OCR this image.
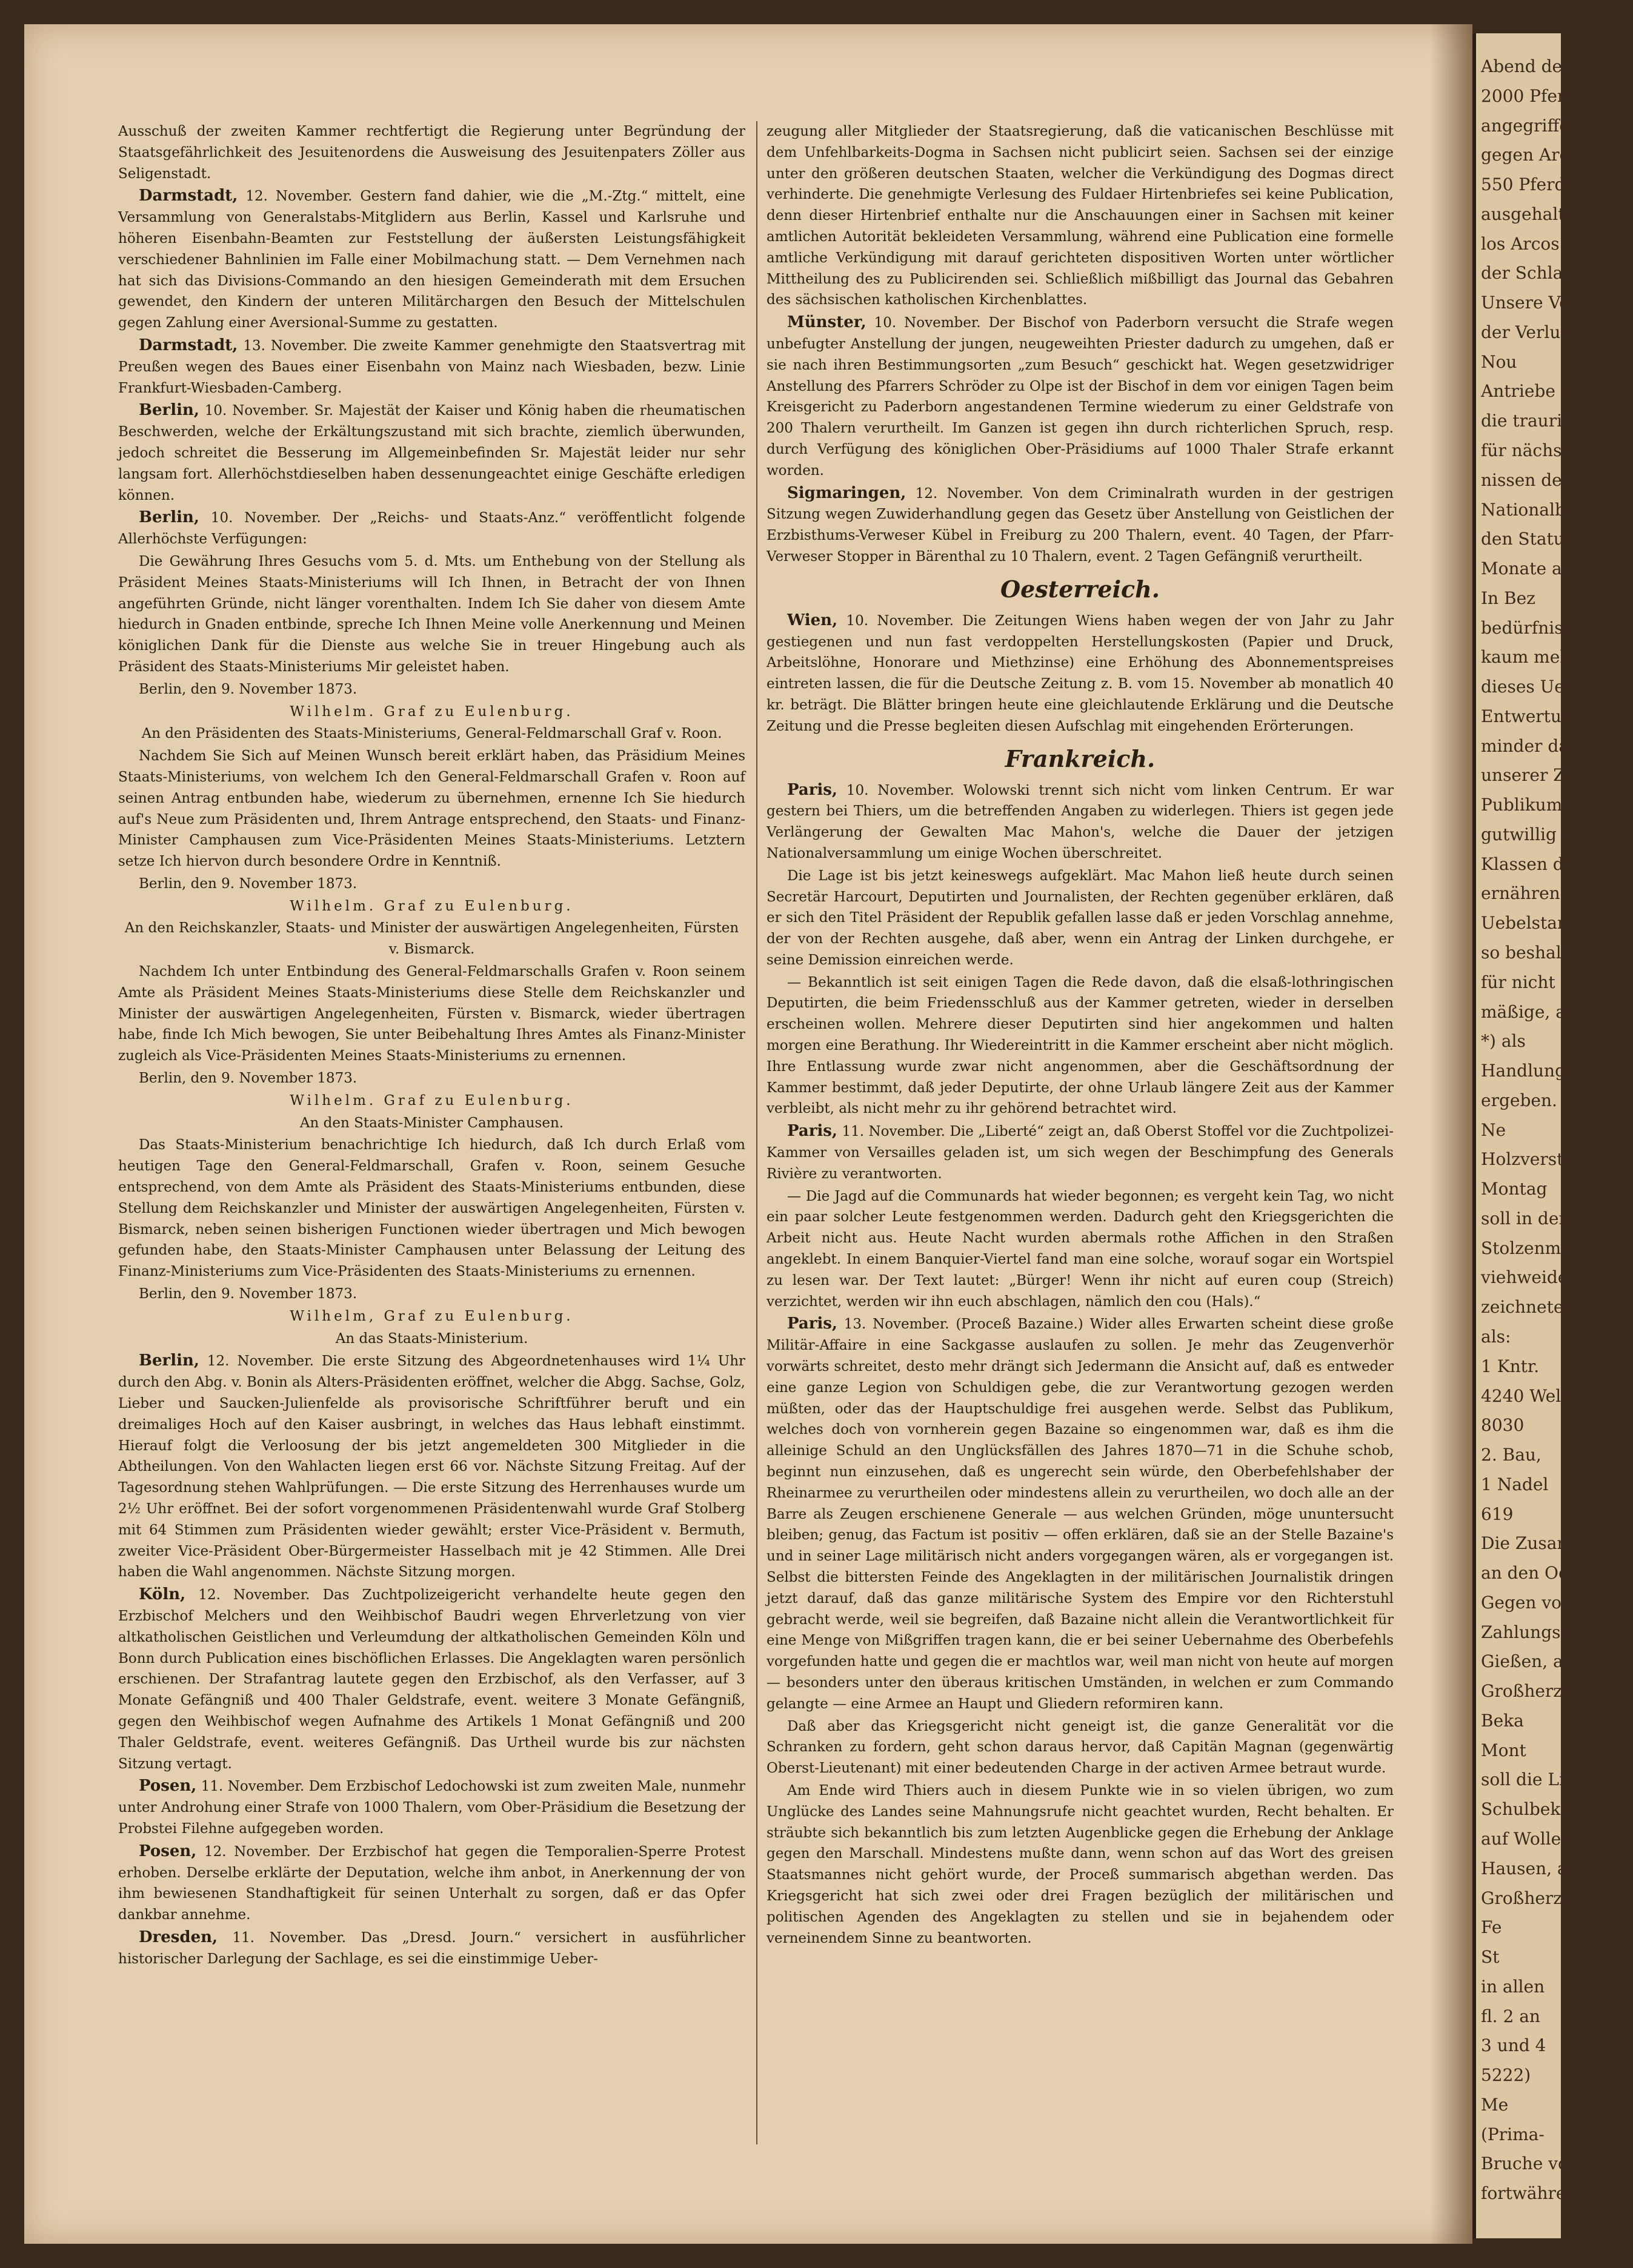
Ausschuß der zweiten Kammer rechtfertigt die Regierung unter Begründung der Staatsgefährlichkeit des Jesuitenordens die Ausweisung des Jesuitenpaters Zöller aus Seligenstadt.

Darmstadt, 12. November. Gestern fand dahier, wie die „M.-Ztg.“ mittelt, eine Versammlung von Generalstabs-Mitglidern aus Berlin, Kassel und Karlsruhe und höheren Eisenbahn-Beamten zur Feststellung der äußersten Leistungsfähigkeit verschiedener Bahnlinien im Falle einer Mobilmachung statt. — Dem Vernehmen nach hat sich das Divisions-Commando an den hiesigen Gemeinderath mit dem Ersuchen gewendet, den Kindern der unteren Militärchargen den Besuch der Mittelschulen gegen Zahlung einer Aversional-Summe zu gestatten.

Darmstadt, 13. November. Die zweite Kammer genehmigte den Staatsvertrag mit Preußen wegen des Baues einer Eisenbahn von Mainz nach Wiesbaden, bezw. Linie Frankfurt-Wiesbaden-Camberg.

Berlin, 10. November. Sr. Majestät der Kaiser und König haben die rheumatischen Beschwerden, welche der Erkältungszustand mit sich brachte, ziemlich überwunden, jedoch schreitet die Besserung im Allgemeinbefinden Sr. Majestät leider nur sehr langsam fort. Allerhöchstdieselben haben dessenungeachtet einige Geschäfte erledigen können.

Berlin, 10. November. Der „Reichs- und Staats-Anz.“ veröffentlicht folgende Allerhöchste Verfügungen:

Die Gewährung Ihres Gesuchs vom 5. d. Mts. um Enthebung von der Stellung als Präsident Meines Staats-Ministeriums will Ich Ihnen, in Betracht der von Ihnen angeführten Gründe, nicht länger vorenthalten. Indem Ich Sie daher von diesem Amte hiedurch in Gnaden entbinde, spreche Ich Ihnen Meine volle Anerkennung und Meinen königlichen Dank für die Dienste aus welche Sie in treuer Hingebung auch als Präsident des Staats-Ministeriums Mir geleistet haben.

Berlin, den 9. November 1873.

Wilhelm. Graf zu Eulenburg.

An den Präsidenten des Staats-Ministeriums, General-Feldmarschall Graf v. Roon.

Nachdem Sie Sich auf Meinen Wunsch bereit erklärt haben, das Präsidium Meines Staats-Ministeriums, von welchem Ich den General-Feldmarschall Grafen v. Roon auf seinen Antrag entbunden habe, wiederum zu übernehmen, ernenne Ich Sie hiedurch auf's Neue zum Präsidenten und, Ihrem Antrage entsprechend, den Staats- und Finanz-Minister Camphausen zum Vice-Präsidenten Meines Staats-Ministeriums. Letztern setze Ich hiervon durch besondere Ordre in Kenntniß.

Berlin, den 9. November 1873.

Wilhelm. Graf zu Eulenburg.

An den Reichskanzler, Staats- und Minister der auswärtigen Angelegenheiten, Fürsten v. Bismarck.

Nachdem Ich unter Entbindung des General-Feldmarschalls Grafen v. Roon seinem Amte als Präsident Meines Staats-Ministeriums diese Stelle dem Reichskanzler und Minister der auswärtigen Angelegenheiten, Fürsten v. Bismarck, wieder übertragen habe, finde Ich Mich bewogen, Sie unter Beibehaltung Ihres Amtes als Finanz-Minister zugleich als Vice-Präsidenten Meines Staats-Ministeriums zu ernennen.

Berlin, den 9. November 1873.

Wilhelm. Graf zu Eulenburg.

An den Staats-Minister Camphausen.

Das Staats-Ministerium benachrichtige Ich hiedurch, daß Ich durch Erlaß vom heutigen Tage den General-Feldmarschall, Grafen v. Roon, seinem Gesuche entsprechend, von dem Amte als Präsident des Staats-Ministeriums entbunden, diese Stellung dem Reichskanzler und Minister der auswärtigen Angelegenheiten, Fürsten v. Bismarck, neben seinen bisherigen Functionen wieder übertragen und Mich bewogen gefunden habe, den Staats-Minister Camphausen unter Belassung der Leitung des Finanz-Ministeriums zum Vice-Präsidenten des Staats-Ministeriums zu ernennen.

Berlin, den 9. November 1873.

Wilhelm, Graf zu Eulenburg.

An das Staats-Ministerium.

Berlin, 12. November. Die erste Sitzung des Abgeordnetenhauses wird 1¼ Uhr durch den Abg. v. Bonin als Alters-Präsidenten eröffnet, welcher die Abgg. Sachse, Golz, Lieber und Saucken-Julienfelde als provisorische Schriftführer beruft und ein dreimaliges Hoch auf den Kaiser ausbringt, in welches das Haus lebhaft einstimmt. Hierauf folgt die Verloosung der bis jetzt angemeldeten 300 Mitglieder in die Abtheilungen. Von den Wahlacten liegen erst 66 vor. Nächste Sitzung Freitag. Auf der Tagesordnung stehen Wahlprüfungen. — Die erste Sitzung des Herrenhauses wurde um 2½ Uhr eröffnet. Bei der sofort vorgenommenen Präsidentenwahl wurde Graf Stolberg mit 64 Stimmen zum Präsidenten wieder gewählt; erster Vice-Präsident v. Bermuth, zweiter Vice-Präsident Ober-Bürgermeister Hasselbach mit je 42 Stimmen. Alle Drei haben die Wahl angenommen. Nächste Sitzung morgen.

Köln, 12. November. Das Zuchtpolizeigericht verhandelte heute gegen den Erzbischof Melchers und den Weihbischof Baudri wegen Ehrverletzung von vier altkatholischen Geistlichen und Verleumdung der altkatholischen Gemeinden Köln und Bonn durch Publication eines bischöflichen Erlasses. Die Angeklagten waren persönlich erschienen. Der Strafantrag lautete gegen den Erzbischof, als den Verfasser, auf 3 Monate Gefängniß und 400 Thaler Geldstrafe, event. weitere 3 Monate Gefängniß, gegen den Weihbischof wegen Aufnahme des Artikels 1 Monat Gefängniß und 200 Thaler Geldstrafe, event. weiteres Gefängniß. Das Urtheil wurde bis zur nächsten Sitzung vertagt.

Posen, 11. November. Dem Erzbischof Ledochowski ist zum zweiten Male, nunmehr unter Androhung einer Strafe von 1000 Thalern, vom Ober-Präsidium die Besetzung der Probstei Filehne aufgegeben worden.

Posen, 12. November. Der Erzbischof hat gegen die Temporalien-Sperre Protest erhoben. Derselbe erklärte der Deputation, welche ihm anbot, in Anerkennung der von ihm bewiesenen Standhaftigkeit für seinen Unterhalt zu sorgen, daß er das Opfer dankbar annehme.

Dresden, 11. November. Das „Dresd. Journ.“ versichert in ausführlicher historischer Darlegung der Sachlage, es sei die einstimmige Ueber-

zeugung aller Mitglieder der Staatsregierung, daß die vaticanischen Beschlüsse mit dem Unfehlbarkeits-Dogma in Sachsen nicht publicirt seien. Sachsen sei der einzige unter den größeren deutschen Staaten, welcher die Verkündigung des Dogmas direct verhinderte. Die genehmigte Verlesung des Fuldaer Hirtenbriefes sei keine Publication, denn dieser Hirtenbrief enthalte nur die Anschauungen einer in Sachsen mit keiner amtlichen Autorität bekleideten Versammlung, während eine Publication eine formelle amtliche Verkündigung mit darauf gerichteten dispositiven Worten unter wörtlicher Mittheilung des zu Publicirenden sei. Schließlich mißbilligt das Journal das Gebahren des sächsischen katholischen Kirchenblattes.

Münster, 10. November. Der Bischof von Paderborn versucht die Strafe wegen unbefugter Anstellung der jungen, neugeweihten Priester dadurch zu umgehen, daß er sie nach ihren Bestimmungsorten „zum Besuch“ geschickt hat. Wegen gesetzwidriger Anstellung des Pfarrers Schröder zu Olpe ist der Bischof in dem vor einigen Tagen beim Kreisgericht zu Paderborn angestandenen Termine wiederum zu einer Geldstrafe von 200 Thalern verurtheilt. Im Ganzen ist gegen ihn durch richterlichen Spruch, resp. durch Verfügung des königlichen Ober-Präsidiums auf 1000 Thaler Strafe erkannt worden.

Sigmaringen, 12. November. Von dem Criminalrath wurden in der gestrigen Sitzung wegen Zuwiderhandlung gegen das Gesetz über Anstellung von Geistlichen der Erzbisthums-Verweser Kübel in Freiburg zu 200 Thalern, event. 40 Tagen, der Pfarr-Verweser Stopper in Bärenthal zu 10 Thalern, event. 2 Tagen Gefängniß verurtheilt.

Oesterreich.

Wien, 10. November. Die Zeitungen Wiens haben wegen der von Jahr zu Jahr gestiegenen und nun fast verdoppelten Herstellungskosten (Papier und Druck, Arbeitslöhne, Honorare und Miethzinse) eine Erhöhung des Abonnementspreises eintreten lassen, die für die Deutsche Zeitung z. B. vom 15. November ab monatlich 40 kr. beträgt. Die Blätter bringen heute eine gleichlautende Erklärung und die Deutsche Zeitung und die Presse begleiten diesen Aufschlag mit eingehenden Erörterungen.

Frankreich.

Paris, 10. November. Wolowski trennt sich nicht vom linken Centrum. Er war gestern bei Thiers, um die betreffenden Angaben zu widerlegen. Thiers ist gegen jede Verlängerung der Gewalten Mac Mahon's, welche die Dauer der jetzigen Nationalversammlung um einige Wochen überschreitet.

Die Lage ist bis jetzt keineswegs aufgeklärt. Mac Mahon ließ heute durch seinen Secretär Harcourt, Deputirten und Journalisten, der Rechten gegenüber erklären, daß er sich den Titel Präsident der Republik gefallen lasse daß er jeden Vorschlag annehme, der von der Rechten ausgehe, daß aber, wenn ein Antrag der Linken durchgehe, er seine Demission einreichen werde.

— Bekanntlich ist seit einigen Tagen die Rede davon, daß die elsaß-lothringischen Deputirten, die beim Friedensschluß aus der Kammer getreten, wieder in derselben erscheinen wollen. Mehrere dieser Deputirten sind hier angekommen und halten morgen eine Berathung. Ihr Wiedereintritt in die Kammer erscheint aber nicht möglich. Ihre Entlassung wurde zwar nicht angenommen, aber die Geschäftsordnung der Kammer bestimmt, daß jeder Deputirte, der ohne Urlaub längere Zeit aus der Kammer verbleibt, als nicht mehr zu ihr gehörend betrachtet wird.

Paris, 11. November. Die „Liberté“ zeigt an, daß Oberst Stoffel vor die Zuchtpolizei-Kammer von Versailles geladen ist, um sich wegen der Beschimpfung des Generals Rivière zu verantworten.

— Die Jagd auf die Communards hat wieder begonnen; es vergeht kein Tag, wo nicht ein paar solcher Leute festgenommen werden. Dadurch geht den Kriegsgerichten die Arbeit nicht aus. Heute Nacht wurden abermals rothe Affichen in den Straßen angeklebt. In einem Banquier-Viertel fand man eine solche, worauf sogar ein Wortspiel zu lesen war. Der Text lautet: „Bürger! Wenn ihr nicht auf euren coup (Streich) verzichtet, werden wir ihn euch abschlagen, nämlich den cou (Hals).“

Paris, 13. November. (Proceß Bazaine.) Wider alles Erwarten scheint diese große Militär-Affaire in eine Sackgasse auslaufen zu sollen. Je mehr das Zeugenverhör vorwärts schreitet, desto mehr drängt sich Jedermann die Ansicht auf, daß es entweder eine ganze Legion von Schuldigen gebe, die zur Verantwortung gezogen werden müßten, oder das der Hauptschuldige frei ausgehen werde. Selbst das Publikum, welches doch von vornherein gegen Bazaine so eingenommen war, daß es ihm die alleinige Schuld an den Unglücksfällen des Jahres 1870—71 in die Schuhe schob, beginnt nun einzusehen, daß es ungerecht sein würde, den Oberbefehlshaber der Rheinarmee zu verurtheilen oder mindestens allein zu verurtheilen, wo doch alle an der Barre als Zeugen erschienene Generale — aus welchen Gründen, möge ununtersucht bleiben; genug, das Factum ist positiv — offen erklären, daß sie an der Stelle Bazaine's und in seiner Lage militärisch nicht anders vorgegangen wären, als er vorgegangen ist. Selbst die bittersten Feinde des Angeklagten in der militärischen Journalistik dringen jetzt darauf, daß das ganze militärische System des Empire vor den Richterstuhl gebracht werde, weil sie begreifen, daß Bazaine nicht allein die Verantwortlichkeit für eine Menge von Mißgriffen tragen kann, die er bei seiner Uebernahme des Oberbefehls vorgefunden hatte und gegen die er machtlos war, weil man nicht von heute auf morgen — besonders unter den überaus kritischen Umständen, in welchen er zum Commando gelangte — eine Armee an Haupt und Gliedern reformiren kann.

Daß aber das Kriegsgericht nicht geneigt ist, die ganze Generalität vor die Schranken zu fordern, geht schon daraus hervor, daß Capitän Magnan (gegenwärtig Oberst-Lieutenant) mit einer bedeutenden Charge in der activen Armee betraut wurde.

Am Ende wird Thiers auch in diesem Punkte wie in so vielen übrigen, wo zum Unglücke des Landes seine Mahnungsrufe nicht geachtet wurden, Recht behalten. Er sträubte sich bekanntlich bis zum letzten Augenblicke gegen die Erhebung der Anklage gegen den Marschall. Mindestens mußte dann, wenn schon auf das Wort des greisen Staatsmannes nicht gehört wurde, der Proceß summarisch abgethan werden. Das Kriegsgericht hat sich zwei oder drei Fragen bezüglich der militärischen und politischen Agenden des Angeklagten zu stellen und sie in bejahendem oder verneinendem Sinne zu beantworten.

Abend de
2000 Pferd
angegriffen
gegen Arella
550 Pferde
ausgehalten
los Arcos
der Schlach
Unsere Ve
der Verlust
Nou
Antriebe der
die traurige
für nächsten
nissen des R
Nationalbau
den Statut
Monate aus
In Bez
bedürfnisse
kaum mehr
dieses Uebels
Entwertung
minder darin
unserer Zeit
Publikum w
gutwillig ihr
Klassen die
ernähren. D
Uebelstande
so beshalb
für nicht
mäßige, aber
*) als
Handlungshäuser
ergeben.
Ne
Holzverstei
Montag
soll in dem
Stolzenmorgen
viehweide und
zeichnetes Hol
als:
1 Kntr.
4240 Wellen
8030
2. Bau,
1 Nadel
619
Die Zusammen
an den Ochsen
Gegen vorh
Zahlungsfrist
Gießen, am
Großherzoglich
Beka
Mont
soll die Lieferu
Schulbekleidung
auf Woller un
Hausen, am
Großherzog
Fe
St
in allen
fl. 2 an
3 und 4
5222)
Me
(Prima-
Bruche von
fortwähren
